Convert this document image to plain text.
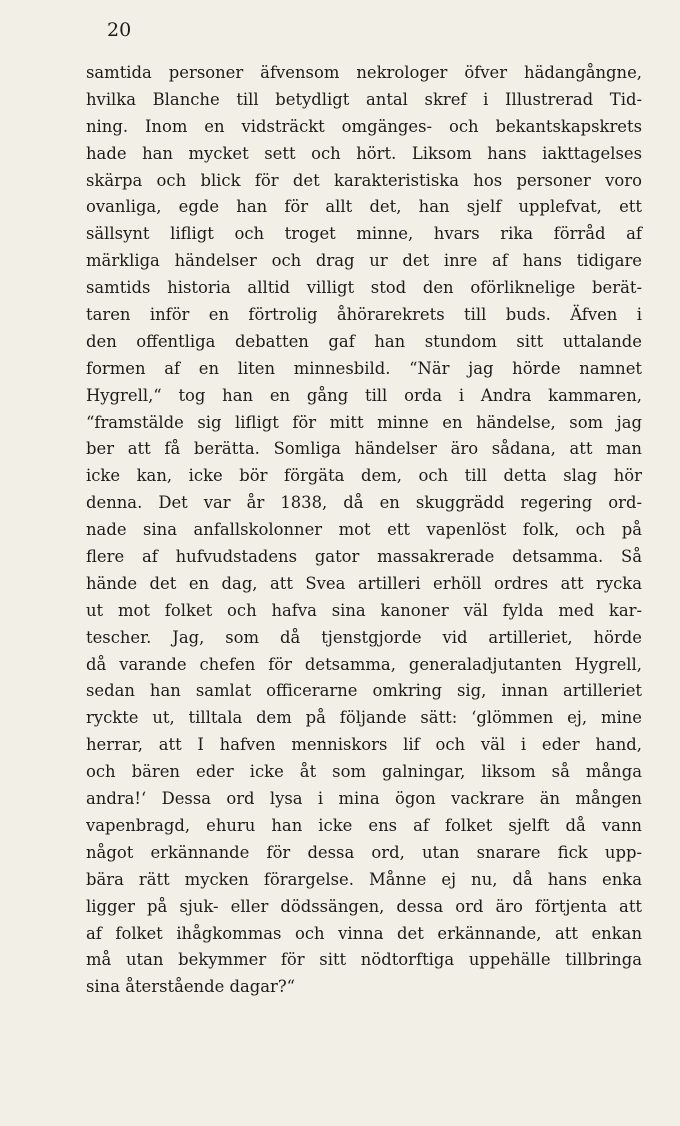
20
samtida personer äfvensom nekrologer öfver hädangångne,
hvilka Blanche till betydligt antal skref i Illustrerad Tid-
ning. Inom en vidsträckt omgänges- och bekantskapskrets
hade han mycket sett och hört. Liksom hans iakttagelses
skärpa och blick för det karakteristiska hos personer voro
ovanliga, egde han för allt det, han sjelf upplefvat, ett
sällsynt lifligt och troget minne, hvars rika förråd af
märkliga händelser och drag ur det inre af hans tidigare
samtids historia alltid villigt stod den oförliknelige berät-
taren inför en förtrolig åhörarekrets till buds. Äfven i
den offentliga debatten gaf han stundom sitt uttalande
formen af en liten minnesbild. “När jag hörde namnet
Hygrell,“ tog han en gång till orda i Andra kammaren,
“framstälde sig lifligt för mitt minne en händelse, som jag
ber att få berätta. Somliga händelser äro sådana, att man
icke kan, icke bör förgäta dem, och till detta slag hör
denna. Det var år 1838, då en skuggrädd regering ord-
nade sina anfallskolonner mot ett vapenlöst folk, och på
flere af hufvudstadens gator massakrerade detsamma. Så
hände det en dag, att Svea artilleri erhöll ordres att rycka
ut mot folket och hafva sina kanoner väl fylda med kar-
tescher. Jag, som då tjenstgjorde vid artilleriet, hörde
då varande chefen för detsamma, generaladjutanten Hygrell,
sedan han samlat officerarne omkring sig, innan artilleriet
ryckte ut, tilltala dem på följande sätt: ‘glömmen ej, mine
herrar, att I hafven menniskors lif och väl i eder hand,
och bären eder icke åt som galningar, liksom så många
andra!‘ Dessa ord lysa i mina ögon vackrare än mången
vapenbragd, ehuru han icke ens af folket sjelft då vann
något erkännande för dessa ord, utan snarare fick upp-
bära rätt mycken förargelse. Månne ej nu, då hans enka
ligger på sjuk- eller dödssängen, dessa ord äro förtjenta att
af folket ihågkommas och vinna det erkännande, att enkan
må utan bekymmer för sitt nödtorftiga uppehälle tillbringa
sina återstående dagar?“
